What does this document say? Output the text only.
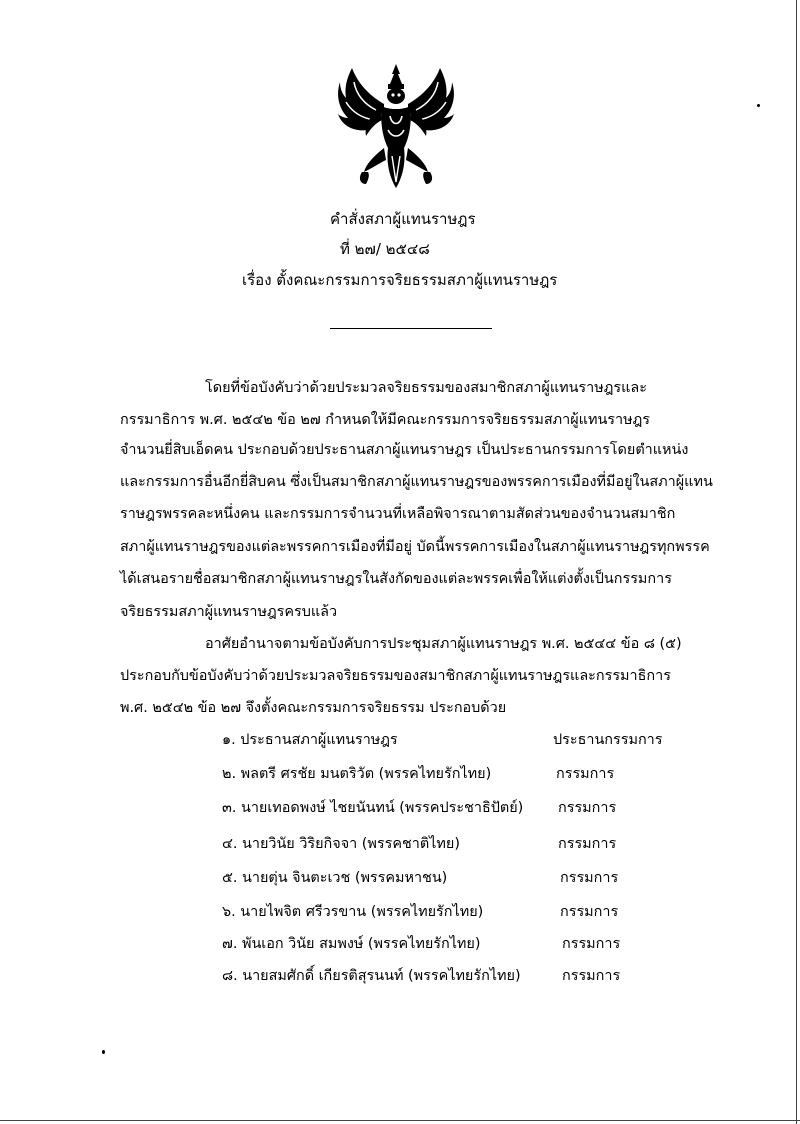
คำสั่งสภาผู้แทนราษฎร
ที่ ๒๗/ ๒๕๔๘
เรื่อง ตั้งคณะกรรมการจริยธรรมสภาผู้แทนราษฎร
โดยที่ข้อบังคับว่าด้วยประมวลจริยธรรมของสมาชิกสภาผู้แทนราษฎรและ
กรรมาธิการ พ.ศ. ๒๕๔๒ ข้อ ๒๗ กำหนดให้มีคณะกรรมการจริยธรรมสภาผู้แทนราษฎร
จำนวนยี่สิบเอ็ดคน ประกอบด้วยประธานสภาผู้แทนราษฎร เป็นประธานกรรมการโดยตำแหน่ง
และกรรมการอื่นอีกยี่สิบคน ซึ่งเป็นสมาชิกสภาผู้แทนราษฎรของพรรคการเมืองที่มีอยู่ในสภาผู้แทน
ราษฎรพรรคละหนึ่งคน และกรรมการจำนวนที่เหลือพิจารณาตามสัดส่วนของจำนวนสมาชิก
สภาผู้แทนราษฎรของแต่ละพรรคการเมืองที่มีอยู่ บัดนี้พรรคการเมืองในสภาผู้แทนราษฎรทุกพรรค
ได้เสนอรายชื่อสมาชิกสภาผู้แทนราษฎรในสังกัดของแต่ละพรรคเพื่อให้แต่งตั้งเป็นกรรมการ
จริยธรรมสภาผู้แทนราษฎรครบแล้ว
อาศัยอำนาจตามข้อบังคับการประชุมสภาผู้แทนราษฎร พ.ศ. ๒๕๔๔ ข้อ ๘ (๕)
ประกอบกับข้อบังคับว่าด้วยประมวลจริยธรรมของสมาชิกสภาผู้แทนราษฎรและกรรมาธิการ
พ.ศ. ๒๕๔๒ ข้อ ๒๗ จึงตั้งคณะกรรมการจริยธรรม ประกอบด้วย
๑. ประธานสภาผู้แทนราษฎร	ประธานกรรมการ
๒. พลตรี ศรชัย มนตริวัต (พรรคไทยรักไทย)	กรรมการ
๓. นายเทอดพงษ์ ไชยนันทน์ (พรรคประชาธิปัตย์) กรรมการ
๔. นายวินัย วิริยกิจจา (พรรคชาติไทย)	กรรมการ
๕. นายตุ่น จินตะเวช (พรรคมหาชน)	กรรมการ
๖. นายไพจิต ศรีวรขาน (พรรคไทยรักไทย)	กรรมการ
๗. พันเอก วินัย สมพงษ์ (พรรคไทยรักไทย)	กรรมการ
๘. นายสมศักดิ์ เกียรติสุรนนท์ (พรรคไทยรักไทย)	กรรมการ
